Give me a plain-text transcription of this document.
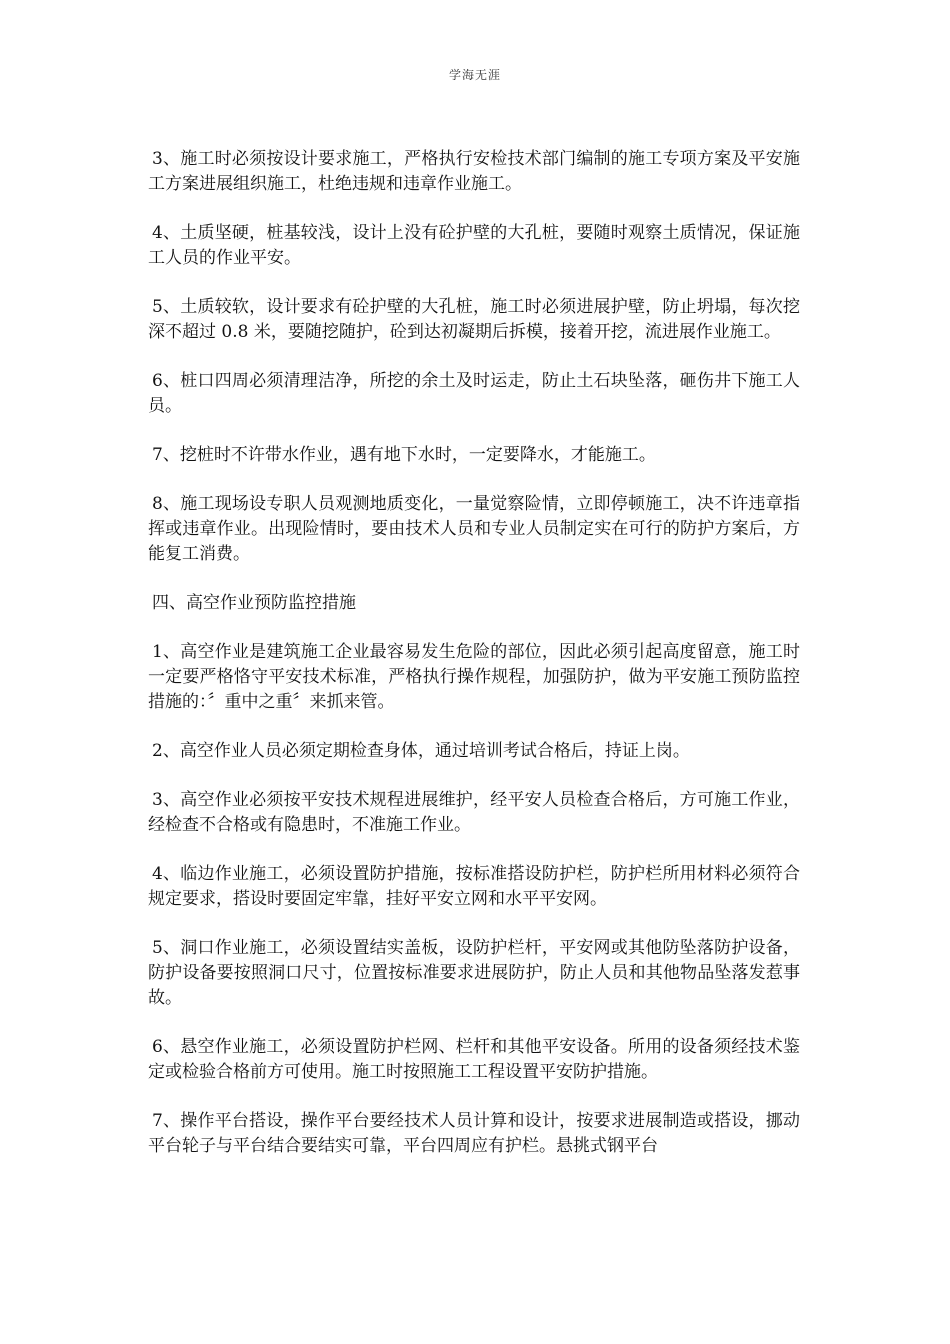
学海无涯

3、施工时必须按设计要求施工，严格执行安检技术部门编制的施工专项方案及平安施工方案进展组织施工，杜绝违规和违章作业施工。

4、土质坚硬，桩基较浅，设计上没有砼护壁的大孔桩，要随时观察土质情况，保证施工人员的作业平安。

5、土质较软，设计要求有砼护壁的大孔桩，施工时必须进展护壁，防止坍塌，每次挖深不超过 0.8 米，要随挖随护，砼到达初凝期后拆模，接着开挖，流进展作业施工。

6、桩口四周必须清理洁净，所挖的余土及时运走，防止土石块坠落，砸伤井下施工人员。

7、挖桩时不许带水作业，遇有地下水时，一定要降水，才能施工。

8、施工现场设专职人员观测地质变化，一量觉察险情，立即停顿施工，决不许违章指挥或违章作业。出现险情时，要由技术人员和专业人员制定实在可行的防护方案后，方能复工消费。

四、高空作业预防监控措施

1、高空作业是建筑施工企业最容易发生危险的部位，因此必须引起高度留意，施工时一定要严格恪守平安技术标准，严格执行操作规程，加强防护，做为平安施工预防监控措施的：〞重中之重〞来抓来管。

2、高空作业人员必须定期检查身体，通过培训考试合格后，持证上岗。

3、高空作业必须按平安技术规程进展维护，经平安人员检查合格后，方可施工作业，经检查不合格或有隐患时，不准施工作业。

4、临边作业施工，必须设置防护措施，按标准搭设防护栏，防护栏所用材料必须符合规定要求，搭设时要固定牢靠，挂好平安立网和水平平安网。

5、洞口作业施工，必须设置结实盖板，设防护栏杆，平安网或其他防坠落防护设备，防护设备要按照洞口尺寸，位置按标准要求进展防护，防止人员和其他物品坠落发惹事故。

6、悬空作业施工，必须设置防护栏网、栏杆和其他平安设备。所用的设备须经技术鉴定或检验合格前方可使用。施工时按照施工工程设置平安防护措施。

7、操作平台搭设，操作平台要经技术人员计算和设计，按要求进展制造或搭设，挪动平台轮子与平台结合要结实可靠，平台四周应有护栏。悬挑式钢平台
